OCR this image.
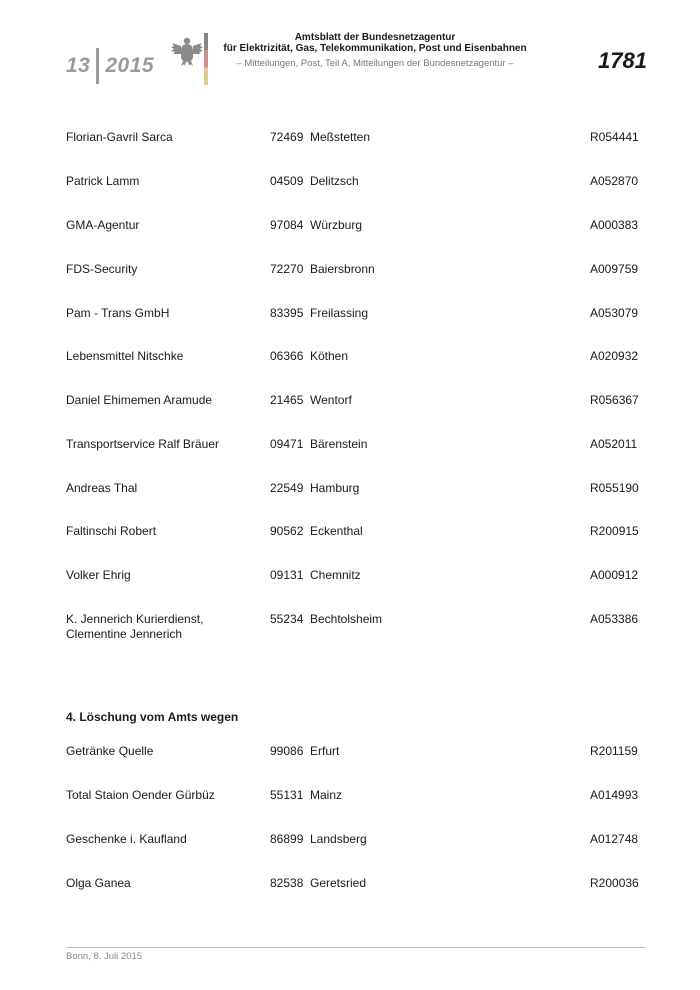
13 2015
Amtsblatt der Bundesnetzagentur
für Elektrizität, Gas, Telekommunikation, Post und Eisenbahnen
– Mitteilungen, Post, Teil A, Mitteilungen der Bundesnetzagentur –	1781
Florian-Gavril Sarca	72469 Meßstetten	R054441
Patrick Lamm	04509 Delitzsch	A052870
GMA-Agentur	97084 Würzburg	A000383
FDS-Security	72270 Baiersbronn	A009759
Pam - Trans GmbH	83395 Freilassing	A053079
Lebensmittel Nitschke	06366 Köthen	A020932
Daniel Ehimemen Aramude	21465 Wentorf	R056367
Transportservice Ralf Bräuer	09471 Bärenstein	A052011
Andreas Thal	22549 Hamburg	R055190
Faltinschi Robert	90562 Eckenthal	R200915
Volker Ehrig	09131 Chemnitz	A000912
K. Jennerich Kurierdienst,
Clementine Jennerich
55234 Bechtolsheim	A053386
4. Löschung vom Amts wegen
Getränke Quelle	99086 Erfurt	R201159
Total Staion Oender Gürbüz	55131 Mainz	A014993
Geschenke i. Kaufland	86899 Landsberg	A012748
Olga Ganea	82538 Geretsried	R200036
Bonn, 8. Juli 2015
